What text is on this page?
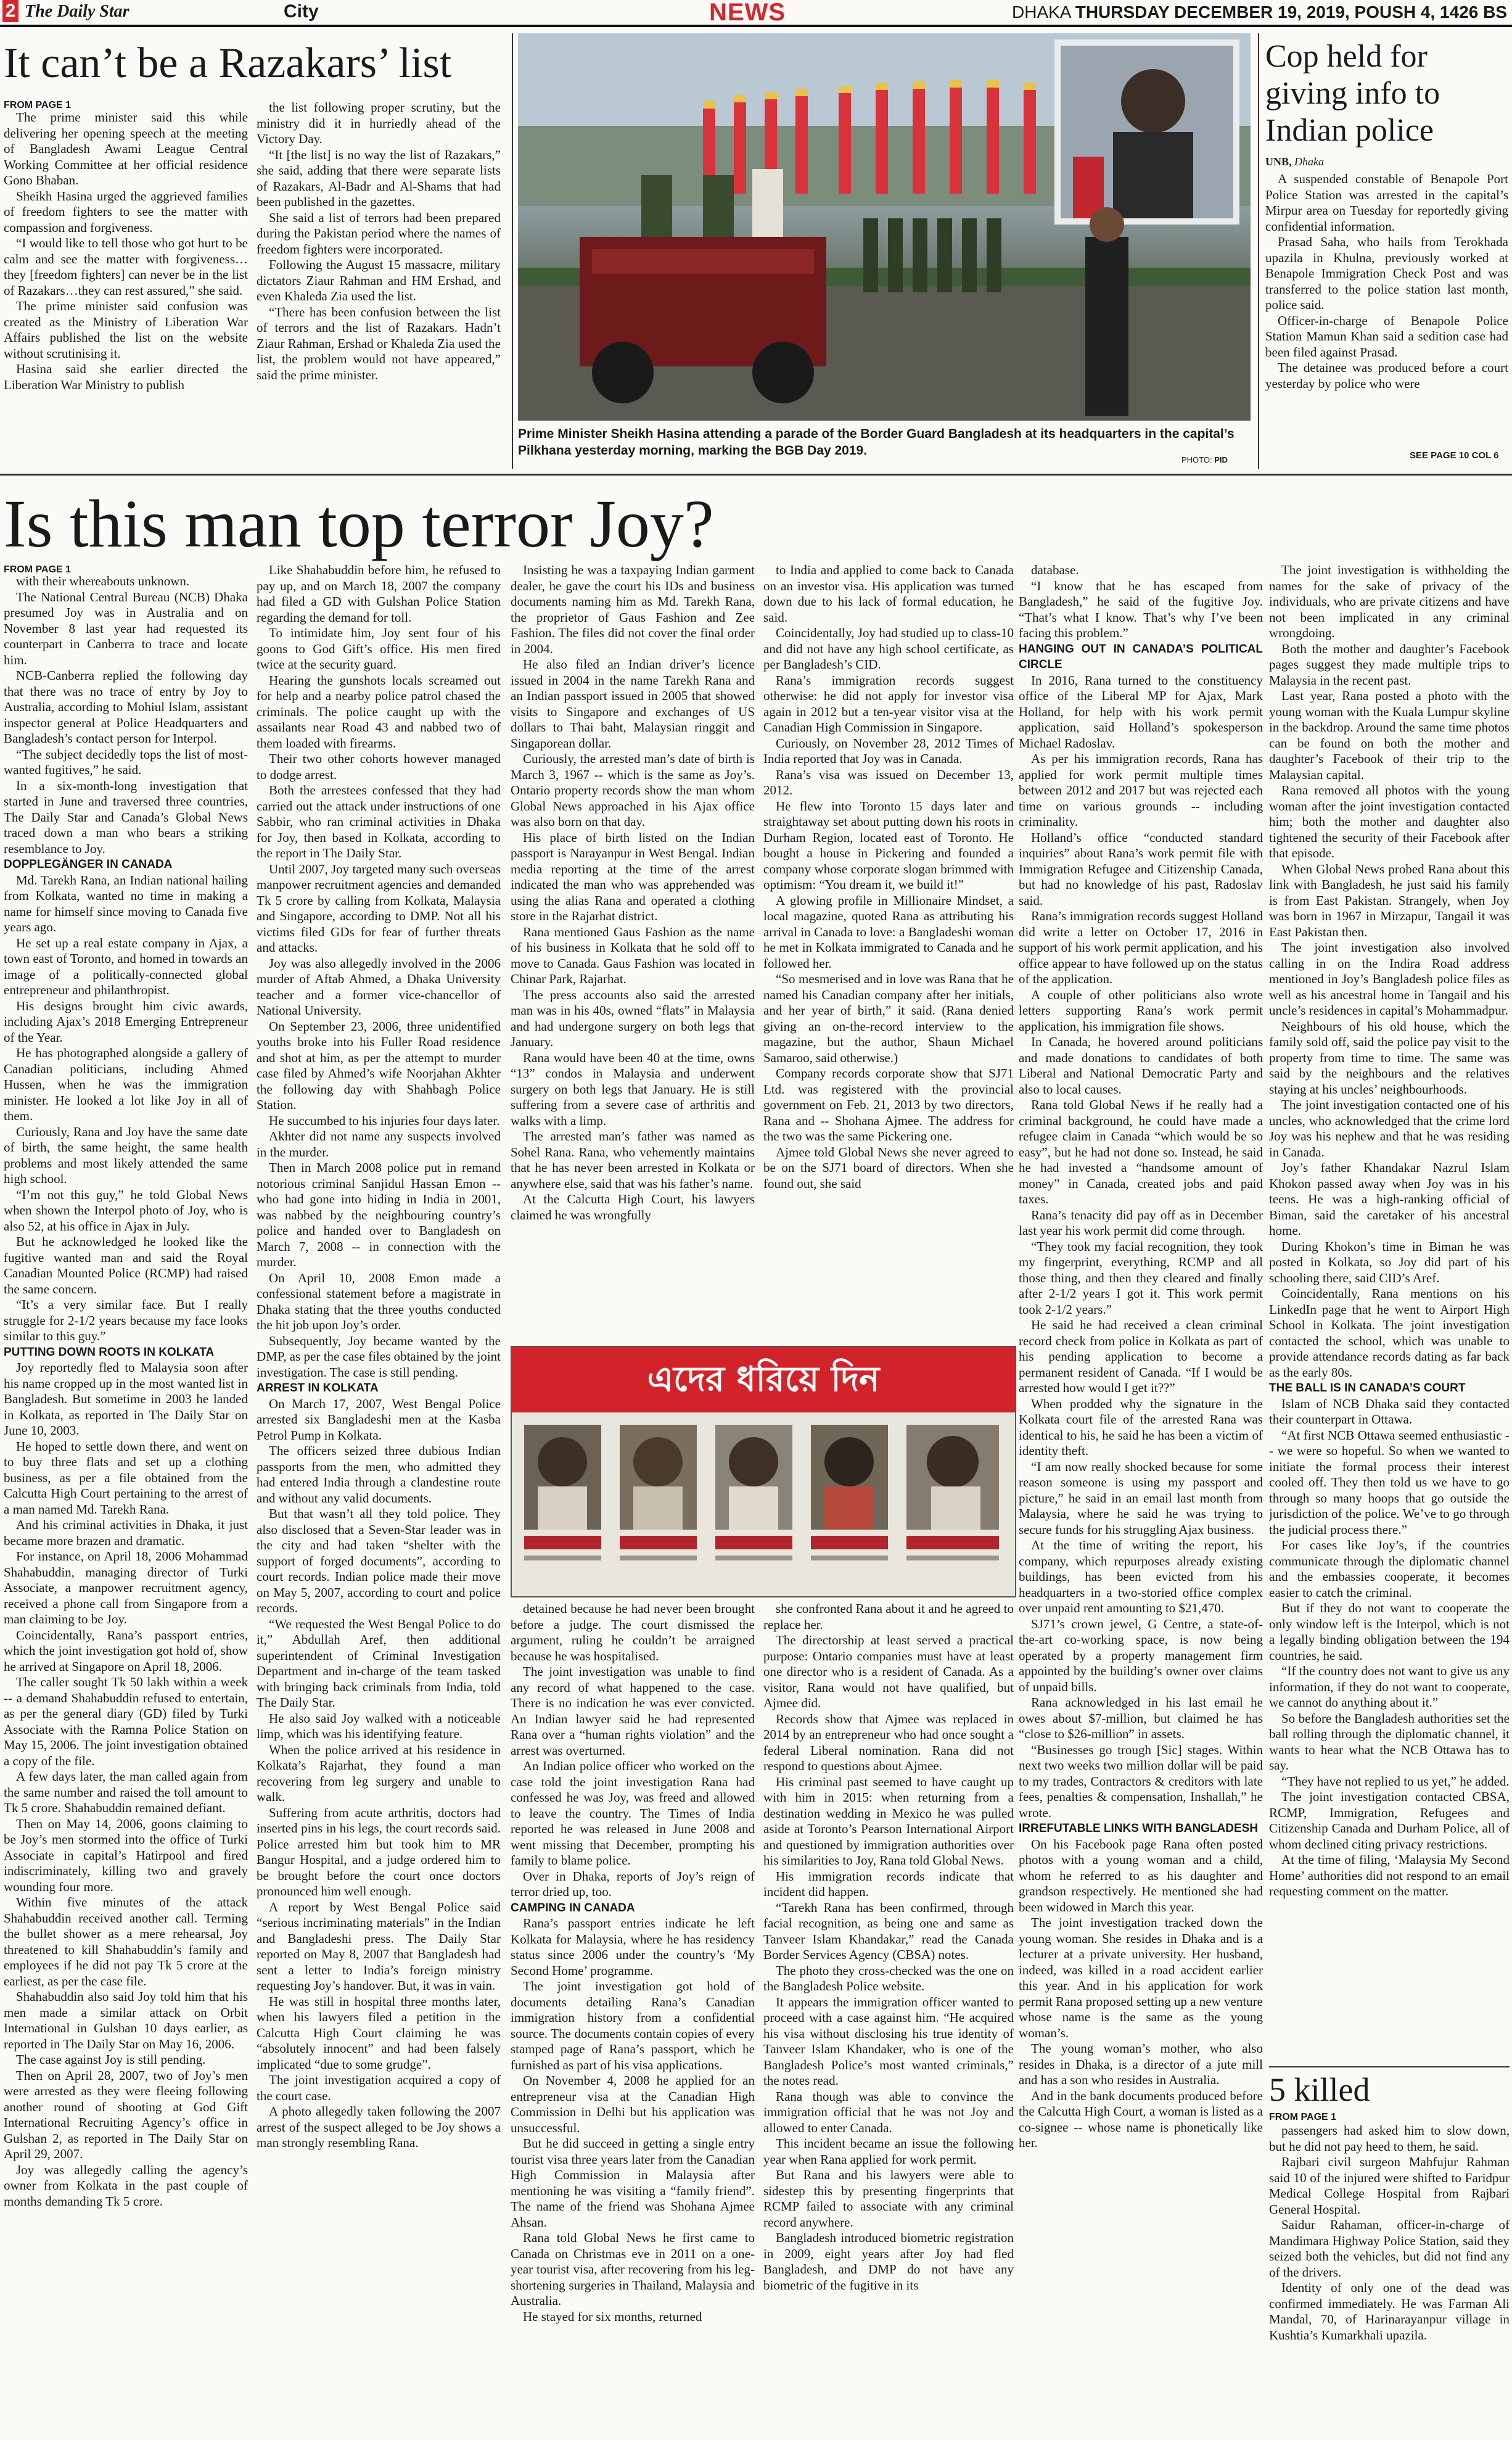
2 The Daily Star	City	NEWS	DHAKA THURSDAY DECEMBER 19, 2019, POUSH 4, 1426 BS
It can’t be a Razakars’ list
FROM PAGE 1

The prime minister said this while delivering her opening speech at the meeting of Bangladesh Awami League Central Working Committee at her official residence Gono Bhaban.

Sheikh Hasina urged the aggrieved families of freedom fighters to see the matter with compassion and forgiveness.

“I would like to tell those who got hurt to be calm and see the matter with forgiveness…they [freedom fighters] can never be in the list of Razakars…they can rest assured,” she said.

The prime minister said confusion was created as the Ministry of Liberation War Affairs published the list on the website without scrutinising it.

Hasina said she earlier directed the Liberation War Ministry to publish

the list following proper scrutiny, but the ministry did it in hurriedly ahead of the Victory Day.

“It [the list] is no way the list of Razakars,” she said, adding that there were separate lists of Razakars, Al-Badr and Al-Shams that had been published in the gazettes.

She said a list of terrors had been prepared during the Pakistan period where the names of freedom fighters were incorporated.

Following the August 15 massacre, military dictators Ziaur Rahman and HM Ershad, and even Khaleda Zia used the list.

“There has been confusion between the list of terrors and the list of Razakars. Hadn’t Ziaur Rahman, Ershad or Khaleda Zia used the list, the problem would not have appeared,” said the prime minister.

Prime Minister Sheikh Hasina attending a parade of the Border Guard Bangladesh at its headquarters in the capital’s Pilkhana yesterday morning, marking the BGB Day 2019.
PHOTO: PID
Cop held for giving info to Indian police
UNB, Dhaka

A suspended constable of Benapole Port Police Station was arrested in the capital’s Mirpur area on Tuesday for reportedly giving confidential information.

Prasad Saha, who hails from Terokhada upazila in Khulna, previously worked at Benapole Immigration Check Post and was transferred to the police station last month, police said.

Officer-in-charge of Benapole Police Station Mamun Khan said a sedition case had been filed against Prasad.

The detainee was produced before a court yesterday by police who were

SEE PAGE 10 COL 6
Is this man top terror Joy?
FROM PAGE 1

with their whereabouts unknown.

The National Central Bureau (NCB) Dhaka presumed Joy was in Australia and on November 8 last year had requested its counterpart in Canberra to trace and locate him.

NCB-Canberra replied the following day that there was no trace of entry by Joy to Australia, according to Mohiul Islam, assistant inspector general at Police Headquarters and Bangladesh’s contact person for Interpol.

“The subject decidedly tops the list of most-wanted fugitives,” he said.

In a six-month-long investigation that started in June and traversed three countries, The Daily Star and Canada’s Global News traced down a man who bears a striking resemblance to Joy.

DOPPLEGÄNGER IN CANADA

Md. Tarekh Rana, an Indian national hailing from Kolkata, wanted no time in making a name for himself since moving to Canada five years ago.

He set up a real estate company in Ajax, a town east of Toronto, and homed in towards an image of a politically-connected global entrepreneur and philanthropist.

His designs brought him civic awards, including Ajax’s 2018 Emerging Entrepreneur of the Year.

He has photographed alongside a gallery of Canadian politicians, including Ahmed Hussen, when he was the immigration minister. He looked a lot like Joy in all of them.

Curiously, Rana and Joy have the same date of birth, the same height, the same health problems and most likely attended the same high school.

“I’m not this guy,” he told Global News when shown the Interpol photo of Joy, who is also 52, at his office in Ajax in July.

But he acknowledged he looked like the fugitive wanted man and said the Royal Canadian Mounted Police (RCMP) had raised the same concern.

“It’s a very similar face. But I really struggle for 2-1/2 years because my face looks similar to this guy.”

PUTTING DOWN ROOTS IN KOLKATA

Joy reportedly fled to Malaysia soon after his name cropped up in the most wanted list in Bangladesh. But sometime in 2003 he landed in Kolkata, as reported in The Daily Star on June 10, 2003.

He hoped to settle down there, and went on to buy three flats and set up a clothing business, as per a file obtained from the Calcutta High Court pertaining to the arrest of a man named Md. Tarekh Rana.

And his criminal activities in Dhaka, it just became more brazen and dramatic.

For instance, on April 18, 2006 Mohammad Shahabuddin, managing director of Turki Associate, a manpower recruitment agency, received a phone call from Singapore from a man claiming to be Joy.

Coincidentally, Rana’s passport entries, which the joint investigation got hold of, show he arrived at Singapore on April 18, 2006.

The caller sought Tk 50 lakh within a week -- a demand Shahabuddin refused to entertain, as per the general diary (GD) filed by Turki Associate with the Ramna Police Station on May 15, 2006. The joint investigation obtained a copy of the file.

A few days later, the man called again from the same number and raised the toll amount to Tk 5 crore. Shahabuddin remained defiant.

Then on May 14, 2006, goons claiming to be Joy’s men stormed into the office of Turki Associate in capital’s Hatirpool and fired indiscriminately, killing two and gravely wounding four more.

Within five minutes of the attack Shahabuddin received another call. Terming the bullet shower as a mere rehearsal, Joy threatened to kill Shahabuddin’s family and employees if he did not pay Tk 5 crore at the earliest, as per the case file.

Shahabuddin also said Joy told him that his men made a similar attack on Orbit International in Gulshan 10 days earlier, as reported in The Daily Star on May 16, 2006.

The case against Joy is still pending.

Then on April 28, 2007, two of Joy’s men were arrested as they were fleeing following another round of shooting at God Gift International Recruiting Agency’s office in Gulshan 2, as reported in The Daily Star on April 29, 2007.

Joy was allegedly calling the agency’s owner from Kolkata in the past couple of months demanding Tk 5 crore.

Like Shahabuddin before him, he refused to pay up, and on March 18, 2007 the company had filed a GD with Gulshan Police Station regarding the demand for toll.

To intimidate him, Joy sent four of his goons to God Gift’s office. His men fired twice at the security guard.

Hearing the gunshots locals screamed out for help and a nearby police patrol chased the criminals. The police caught up with the assailants near Road 43 and nabbed two of them loaded with firearms.

Their two other cohorts however managed to dodge arrest.

Both the arrestees confessed that they had carried out the attack under instructions of one Sabbir, who ran criminal activities in Dhaka for Joy, then based in Kolkata, according to the report in The Daily Star.

Until 2007, Joy targeted many such overseas manpower recruitment agencies and demanded Tk 5 crore by calling from Kolkata, Malaysia and Singapore, according to DMP. Not all his victims filed GDs for fear of further threats and attacks.

Joy was also allegedly involved in the 2006 murder of Aftab Ahmed, a Dhaka University teacher and a former vice-chancellor of National University.

On September 23, 2006, three unidentified youths broke into his Fuller Road residence and shot at him, as per the attempt to murder case filed by Ahmed’s wife Noorjahan Akhter the following day with Shahbagh Police Station.

He succumbed to his injuries four days later.

Akhter did not name any suspects involved in the murder.

Then in March 2008 police put in remand notorious criminal Sanjidul Hassan Emon -- who had gone into hiding in India in 2001, was nabbed by the neighbouring country’s police and handed over to Bangladesh on March 7, 2008 -- in connection with the murder.

On April 10, 2008 Emon made a confessional statement before a magistrate in Dhaka stating that the three youths conducted the hit job upon Joy’s order.

Subsequently, Joy became wanted by the DMP, as per the case files obtained by the joint investigation. The case is still pending.

ARREST IN KOLKATA

On March 17, 2007, West Bengal Police arrested six Bangladeshi men at the Kasba Petrol Pump in Kolkata.

The officers seized three dubious Indian passports from the men, who admitted they had entered India through a clandestine route and without any valid documents.

But that wasn’t all they told police. They also disclosed that a Seven-Star leader was in the city and had taken “shelter with the support of forged documents”, according to court records. Indian police made their move on May 5, 2007, according to court and police records.

“We requested the West Bengal Police to do it,” Abdullah Aref, then additional superintendent of Criminal Investigation Department and in-charge of the team tasked with bringing back criminals from India, told The Daily Star.

He also said Joy walked with a noticeable limp, which was his identifying feature.

When the police arrived at his residence in Kolkata’s Rajarhat, they found a man recovering from leg surgery and unable to walk.

Suffering from acute arthritis, doctors had inserted pins in his legs, the court records said. Police arrested him but took him to MR Bangur Hospital, and a judge ordered him to be brought before the court once doctors pronounced him well enough.

A report by West Bengal Police said “serious incriminating materials” in the Indian and Bangladeshi press. The Daily Star reported on May 8, 2007 that Bangladesh had sent a letter to India’s foreign ministry requesting Joy’s handover. But, it was in vain.

He was still in hospital three months later, when his lawyers filed a petition in the Calcutta High Court claiming he was “absolutely innocent” and had been falsely implicated “due to some grudge”.

The joint investigation acquired a copy of the court case.

A photo allegedly taken following the 2007 arrest of the suspect alleged to be Joy shows a man strongly resembling Rana.

Insisting he was a taxpaying Indian garment dealer, he gave the court his IDs and business documents naming him as Md. Tarekh Rana, the proprietor of Gaus Fashion and Zee Fashion. The files did not cover the final order in 2004.

He also filed an Indian driver’s licence issued in 2004 in the name Tarekh Rana and an Indian passport issued in 2005 that showed visits to Singapore and exchanges of US dollars to Thai baht, Malaysian ringgit and Singaporean dollar.

Curiously, the arrested man’s date of birth is March 3, 1967 -- which is the same as Joy’s. Ontario property records show the man whom Global News approached in his Ajax office was also born on that day.

His place of birth listed on the Indian passport is Narayanpur in West Bengal. Indian media reporting at the time of the arrest indicated the man who was apprehended was using the alias Rana and operated a clothing store in the Rajarhat district.

Rana mentioned Gaus Fashion as the name of his business in Kolkata that he sold off to move to Canada. Gaus Fashion was located in Chinar Park, Rajarhat.

The press accounts also said the arrested man was in his 40s, owned “flats” in Malaysia and had undergone surgery on both legs that January.

Rana would have been 40 at the time, owns “13” condos in Malaysia and underwent surgery on both legs that January. He is still suffering from a severe case of arthritis and walks with a limp.

The arrested man’s father was named as Sohel Rana. Rana, who vehemently maintains that he has never been arrested in Kolkata or anywhere else, said that was his father’s name.

At the Calcutta High Court, his lawyers claimed he was wrongfully

to India and applied to come back to Canada on an investor visa. His application was turned down due to his lack of formal education, he said.

Coincidentally, Joy had studied up to class-10 and did not have any high school certificate, as per Bangladesh’s CID.

Rana’s immigration records suggest otherwise: he did not apply for investor visa again in 2012 but a ten-year visitor visa at the Canadian High Commission in Singapore.

Curiously, on November 28, 2012 Times of India reported that Joy was in Canada.

Rana’s visa was issued on December 13, 2012.

He flew into Toronto 15 days later and straightaway set about putting down his roots in Durham Region, located east of Toronto. He bought a house in Pickering and founded a company whose corporate slogan brimmed with optimism: “You dream it, we build it!”

A glowing profile in Millionaire Mindset, a local magazine, quoted Rana as attributing his arrival in Canada to love: a Bangladeshi woman he met in Kolkata immigrated to Canada and he followed her.

“So mesmerised and in love was Rana that he named his Canadian company after her initials, and her year of birth,” it said. (Rana denied giving an on-the-record interview to the magazine, but the author, Shaun Michael Samaroo, said otherwise.)

Company records corporate show that SJ71 Ltd. was registered with the provincial government on Feb. 21, 2013 by two directors, Rana and -- Shohana Ajmee. The address for the two was the same Pickering one.

Ajmee told Global News she never agreed to be on the SJ71 board of directors. When she found out, she said

এদের ধরিয়ে দিন

detained because he had never been brought before a judge. The court dismissed the argument, ruling he couldn’t be arraigned because he was hospitalised.

The joint investigation was unable to find any record of what happened to the case. There is no indication he was ever convicted. An Indian lawyer said he had represented Rana over a “human rights violation” and the arrest was overturned.

An Indian police officer who worked on the case told the joint investigation Rana had confessed he was Joy, was freed and allowed to leave the country. The Times of India reported he was released in June 2008 and went missing that December, prompting his family to blame police.

Over in Dhaka, reports of Joy’s reign of terror dried up, too.

CAMPING IN CANADA

Rana’s passport entries indicate he left Kolkata for Malaysia, where he has residency status since 2006 under the country’s ‘My Second Home’ programme.

The joint investigation got hold of documents detailing Rana’s Canadian immigration history from a confidential source. The documents contain copies of every stamped page of Rana’s passport, which he furnished as part of his visa applications.

On November 4, 2008 he applied for an entrepreneur visa at the Canadian High Commission in Delhi but his application was unsuccessful.

But he did succeed in getting a single entry tourist visa three years later from the Canadian High Commission in Malaysia after mentioning he was visiting a “family friend”. The name of the friend was Shohana Ajmee Ahsan.

Rana told Global News he first came to Canada on Christmas eve in 2011 on a one-year tourist visa, after recovering from his leg-shortening surgeries in Thailand, Malaysia and Australia.

He stayed for six months, returned

she confronted Rana about it and he agreed to replace her.

The directorship at least served a practical purpose: Ontario companies must have at least one director who is a resident of Canada. As a visitor, Rana would not have qualified, but Ajmee did.

Records show that Ajmee was replaced in 2014 by an entrepreneur who had once sought a federal Liberal nomination. Rana did not respond to questions about Ajmee.

His criminal past seemed to have caught up with him in 2015: when returning from a destination wedding in Mexico he was pulled aside at Toronto’s Pearson International Airport and questioned by immigration authorities over his similarities to Joy, Rana told Global News.

His immigration records indicate that incident did happen.

“Tarekh Rana has been confirmed, through facial recognition, as being one and same as Tanveer Islam Khandakar,” read the Canada Border Services Agency (CBSA) notes.

The photo they cross-checked was the one on the Bangladesh Police website.

It appears the immigration officer wanted to proceed with a case against him. “He acquired his visa without disclosing his true identity of Tanveer Islam Khandaker, who is one of the Bangladesh Police’s most wanted criminals,” the notes read.

Rana though was able to convince the immigration official that he was not Joy and allowed to enter Canada.

This incident became an issue the following year when Rana applied for work permit.

But Rana and his lawyers were able to sidestep this by presenting fingerprints that RCMP failed to associate with any criminal record anywhere.

Bangladesh introduced biometric registration in 2009, eight years after Joy had fled Bangladesh, and DMP do not have any biometric of the fugitive in its

database.

“I know that he has escaped from Bangladesh,” he said of the fugitive Joy. “That’s what I know. That’s why I’ve been facing this problem.”

HANGING OUT IN CANADA’S POLITICAL CIRCLE

In 2016, Rana turned to the constituency office of the Liberal MP for Ajax, Mark Holland, for help with his work permit application, said Holland’s spokesperson Michael Radoslav.

As per his immigration records, Rana has applied for work permit multiple times between 2012 and 2017 but was rejected each time on various grounds -- including criminality.

Holland’s office “conducted standard inquiries” about Rana’s work permit file with Immigration Refugee and Citizenship Canada, but had no knowledge of his past, Radoslav said.

Rana’s immigration records suggest Holland did write a letter on October 17, 2016 in support of his work permit application, and his office appear to have followed up on the status of the application.

A couple of other politicians also wrote letters supporting Rana’s work permit application, his immigration file shows.

In Canada, he hovered around politicians and made donations to candidates of both Liberal and National Democratic Party and also to local causes.

Rana told Global News if he really had a criminal background, he could have made a refugee claim in Canada “which would be so easy”, but he had not done so. Instead, he said he had invested a “handsome amount of money” in Canada, created jobs and paid taxes.

Rana’s tenacity did pay off as in December last year his work permit did come through.

“They took my facial recognition, they took my fingerprint, everything, RCMP and all those thing, and then they cleared and finally after 2-1/2 years I got it. This work permit took 2-1/2 years.”

He said he had received a clean criminal record check from police in Kolkata as part of his pending application to become a permanent resident of Canada. “If I would be arrested how would I get it??”

When prodded why the signature in the Kolkata court file of the arrested Rana was identical to his, he said he has been a victim of identity theft.

“I am now really shocked because for some reason someone is using my passport and picture,” he said in an email last month from Malaysia, where he said he was trying to secure funds for his struggling Ajax business.

At the time of writing the report, his company, which repurposes already existing buildings, has been evicted from his headquarters in a two-storied office complex over unpaid rent amounting to $21,470.

SJ71’s crown jewel, G Centre, a state-of-the-art co-working space, is now being operated by a property management firm appointed by the building’s owner over claims of unpaid bills.

Rana acknowledged in his last email he owes about $7-million, but claimed he has “close to $26-million” in assets.

“Businesses go trough [Sic] stages. Within next two weeks two million dollar will be paid to my trades, Contractors & creditors with late fees, penalties & compensation, Inshallah,” he wrote.

IRREFUTABLE LINKS WITH BANGLADESH

On his Facebook page Rana often posted photos with a young woman and a child, whom he referred to as his daughter and grandson respectively. He mentioned she had been widowed in March this year.

The joint investigation tracked down the young woman. She resides in Dhaka and is a lecturer at a private university. Her husband, indeed, was killed in a road accident earlier this year. And in his application for work permit Rana proposed setting up a new venture whose name is the same as the young woman’s.

The young woman’s mother, who also resides in Dhaka, is a director of a jute mill and has a son who resides in Australia.

And in the bank documents produced before the Calcutta High Court, a woman is listed as a co-signee -- whose name is phonetically like her.

The joint investigation is withholding the names for the sake of privacy of the individuals, who are private citizens and have not been implicated in any criminal wrongdoing.

Both the mother and daughter’s Facebook pages suggest they made multiple trips to Malaysia in the recent past.

Last year, Rana posted a photo with the young woman with the Kuala Lumpur skyline in the backdrop. Around the same time photos can be found on both the mother and daughter’s Facebook of their trip to the Malaysian capital.

Rana removed all photos with the young woman after the joint investigation contacted him; both the mother and daughter also tightened the security of their Facebook after that episode.

When Global News probed Rana about this link with Bangladesh, he just said his family is from East Pakistan. Strangely, when Joy was born in 1967 in Mirzapur, Tangail it was East Pakistan then.

The joint investigation also involved calling in on the Indira Road address mentioned in Joy’s Bangladesh police files as well as his ancestral home in Tangail and his uncle’s residences in capital’s Mohammadpur.

Neighbours of his old house, which the family sold off, said the police pay visit to the property from time to time. The same was said by the neighbours and the relatives staying at his uncles’ neighbourhoods.

The joint investigation contacted one of his uncles, who acknowledged that the crime lord Joy was his nephew and that he was residing in Canada.

Joy’s father Khandakar Nazrul Islam Khokon passed away when Joy was in his teens. He was a high-ranking official of Biman, said the caretaker of his ancestral home.

During Khokon’s time in Biman he was posted in Kolkata, so Joy did part of his schooling there, said CID’s Aref.

Coincidentally, Rana mentions on his LinkedIn page that he went to Airport High School in Kolkata. The joint investigation contacted the school, which was unable to provide attendance records dating as far back as the early 80s.

THE BALL IS IN CANADA’S COURT

Islam of NCB Dhaka said they contacted their counterpart in Ottawa.

“At first NCB Ottawa seemed enthusiastic -- we were so hopeful. So when we wanted to initiate the formal process their interest cooled off. They then told us we have to go through so many hoops that go outside the jurisdiction of the police. We’ve to go through the judicial process there.”

For cases like Joy’s, if the countries communicate through the diplomatic channel and the embassies cooperate, it becomes easier to catch the criminal.

But if they do not want to cooperate the only window left is the Interpol, which is not a legally binding obligation between the 194 countries, he said.

“If the country does not want to give us any information, if they do not want to cooperate, we cannot do anything about it.”

So before the Bangladesh authorities set the ball rolling through the diplomatic channel, it wants to hear what the NCB Ottawa has to say.

“They have not replied to us yet,” he added.

The joint investigation contacted CBSA, RCMP, Immigration, Refugees and Citizenship Canada and Durham Police, all of whom declined citing privacy restrictions.

At the time of filing, ‘Malaysia My Second Home’ authorities did not respond to an email requesting comment on the matter.

5 killed
FROM PAGE 1

passengers had asked him to slow down, but he did not pay heed to them, he said.

Rajbari civil surgeon Mahfujur Rahman said 10 of the injured were shifted to Faridpur Medical College Hospital from Rajbari General Hospital.

Saidur Rahaman, officer-in-charge of Mandimara Highway Police Station, said they seized both the vehicles, but did not find any of the drivers.

Identity of only one of the dead was confirmed immediately. He was Farman Ali Mandal, 70, of Harinarayanpur village in Kushtia’s Kumarkhali upazila.
